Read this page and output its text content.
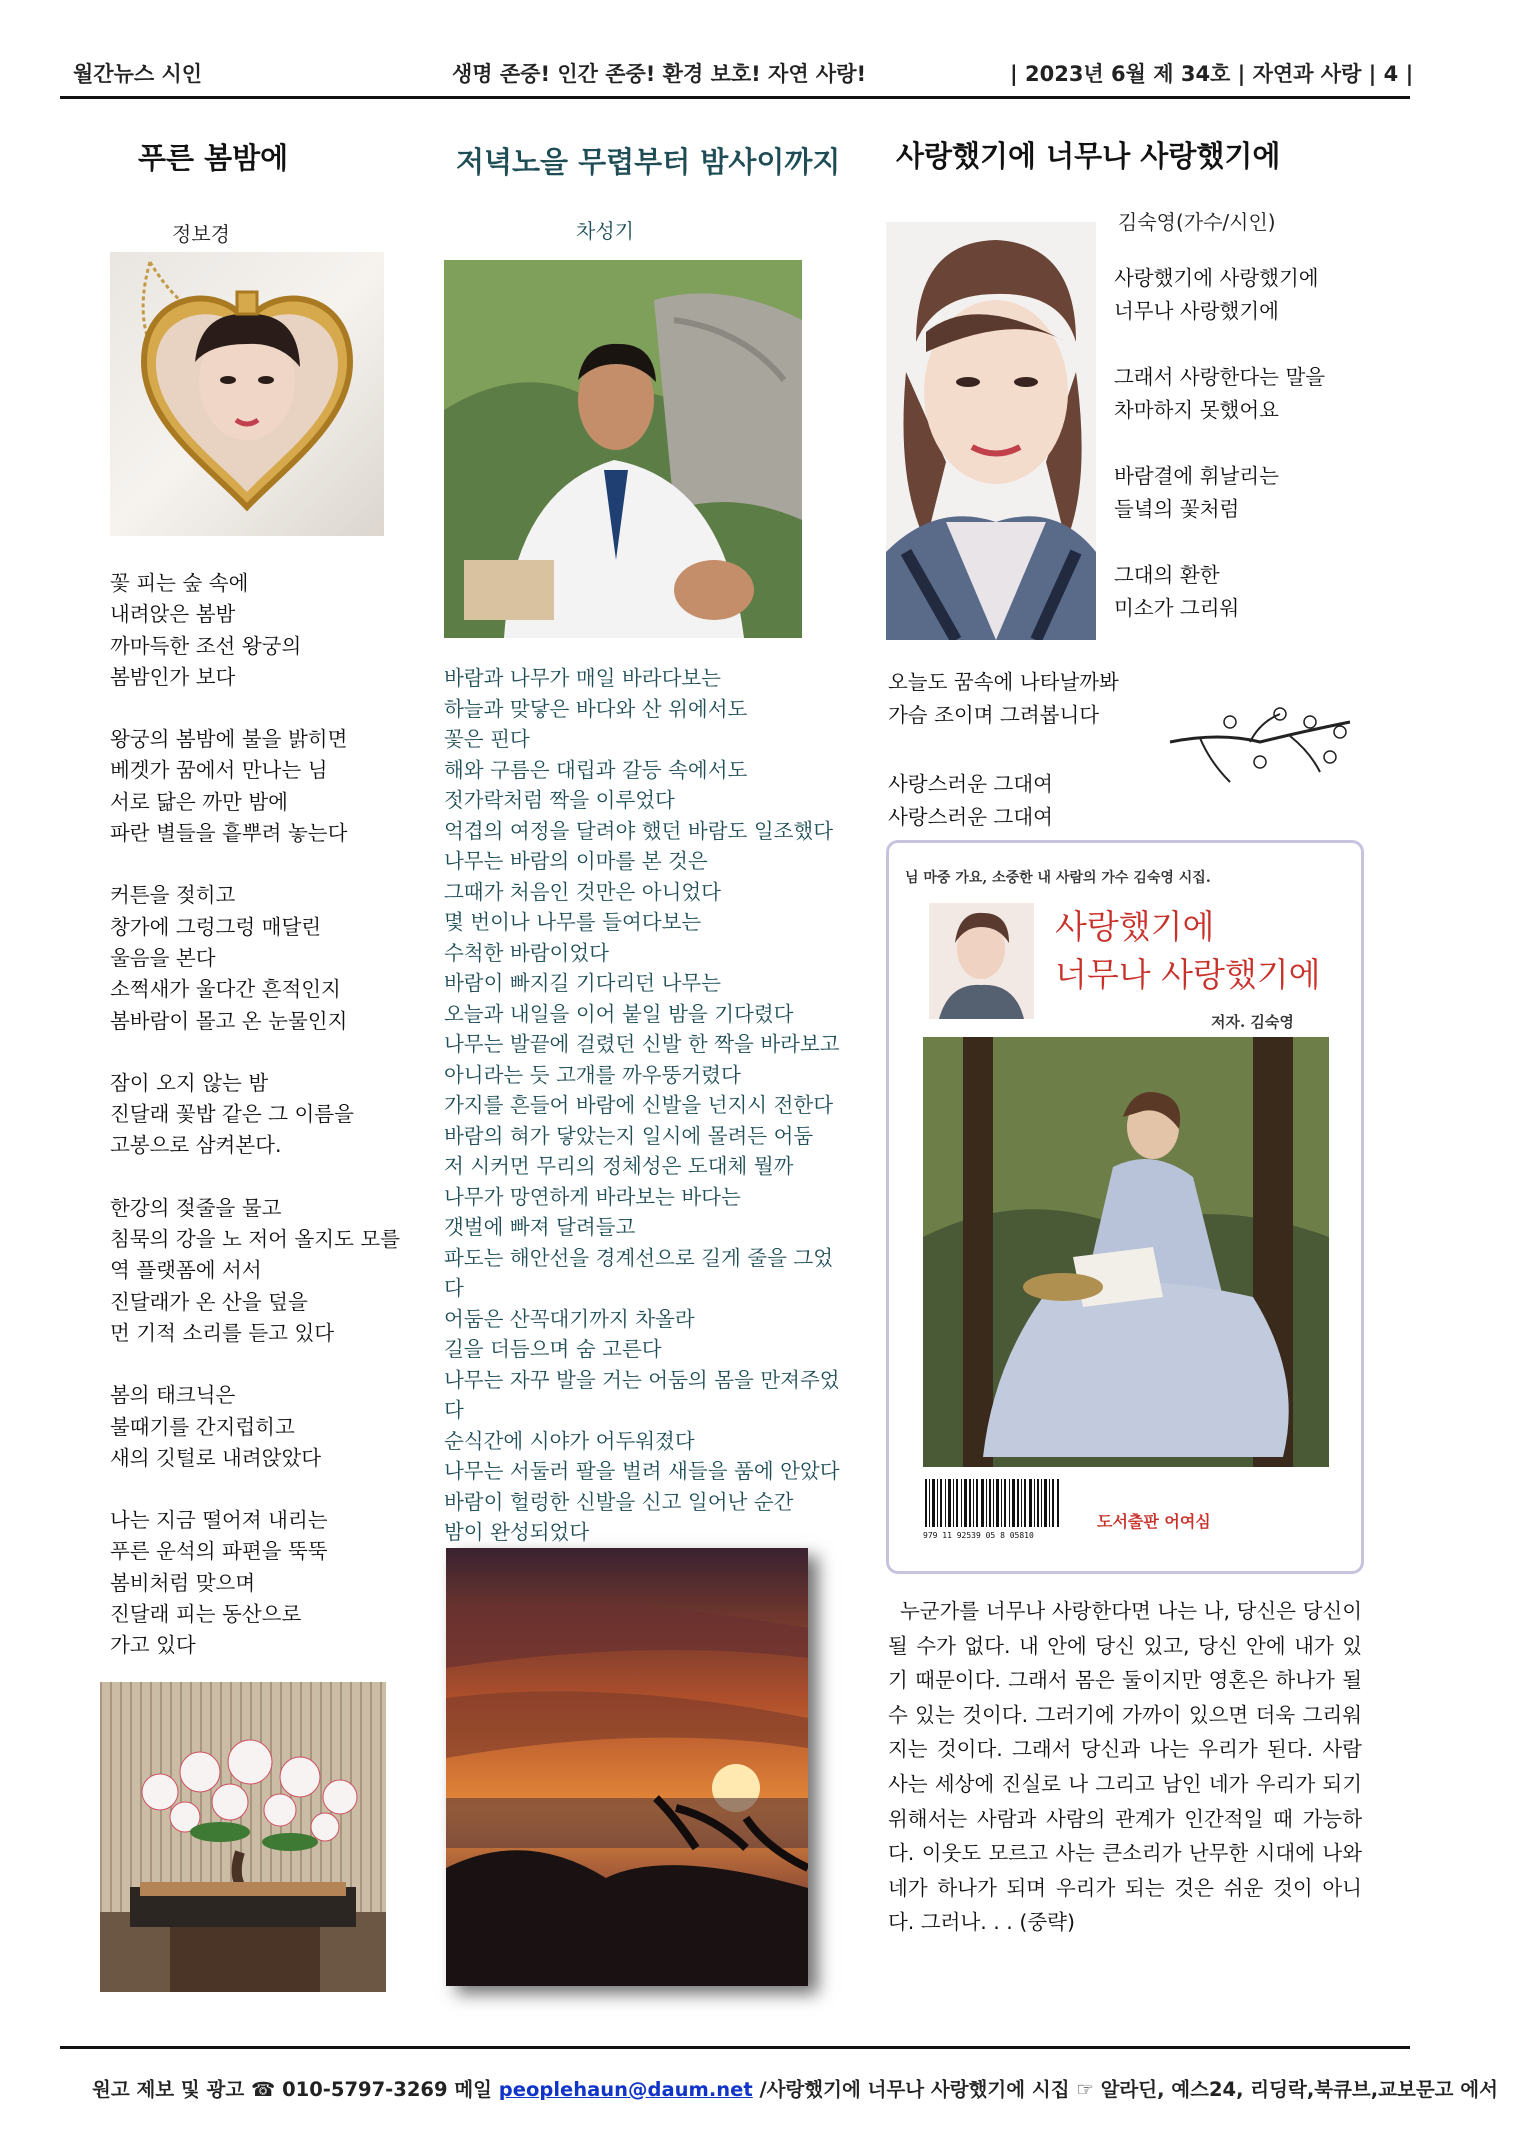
월간뉴스 시인	생명 존중! 인간 존중! 환경 보호! 자연 사랑!	| 2023년 6월 제 34호 | 자연과 사랑 | 4 |
푸른 봄밤에
정보경
꽃 피는 숲 속에
내려앉은 봄밤
까마득한 조선 왕궁의
봄밤인가 보다
왕궁의 봄밤에 불을 밝히면
베겟가 꿈에서 만나는 님
서로 닮은 까만 밤에
파란 별들을 흩뿌려 놓는다
커튼을 젖히고
창가에 그렁그렁 매달린
울음을 본다
소쩍새가 울다간 흔적인지
봄바람이 몰고 온 눈물인지
잠이 오지 않는 밤
진달래 꽃밥 같은 그 이름을
고봉으로 삼켜본다.
한강의 젖줄을 물고
침묵의 강을 노 저어 올지도 모를
역 플랫폼에 서서
진달래가 온 산을 덮을
먼 기적 소리를 듣고 있다
봄의 태크닉은
불때기를 간지럽히고
새의 깃털로 내려앉았다
나는 지금 떨어져 내리는
푸른 운석의 파편을 뚝뚝
봄비처럼 맞으며
진달래 피는 동산으로
가고 있다
저녁노을 무렵부터 밤사이까지
차성기
바람과 나무가 매일 바라다보는
하늘과 맞닿은 바다와 산 위에서도
꽃은 핀다
해와 구름은 대립과 갈등 속에서도
젓가락처럼 짝을 이루었다
억겹의 여정을 달려야 했던 바람도 일조했다
나무는 바람의 이마를 본 것은
그때가 처음인 것만은 아니었다
몇 번이나 나무를 들여다보는
수척한 바람이었다
바람이 빠지길 기다리던 나무는
오늘과 내일을 이어 붙일 밤을 기다렸다
나무는 발끝에 걸렸던 신발 한 짝을 바라보고
아니라는 듯 고개를 까우뚱거렸다
가지를 흔들어 바람에 신발을 넌지시 전한다
바람의 혀가 닿았는지 일시에 몰려든 어둠
저 시커먼 무리의 정체성은 도대체 뭘까
나무가 망연하게 바라보는 바다는
갯벌에 빠져 달려들고
파도는 해안선을 경계선으로 길게 줄을 그었
다
어둠은 산꼭대기까지 차올라
길을 더듬으며 숨 고른다
나무는 자꾸 발을 거는 어둠의 몸을 만져주었
다
순식간에 시야가 어두워졌다
나무는 서둘러 팔을 벌려 새들을 품에 안았다
바람이 헐렁한 신발을 신고 일어난 순간
밤이 완성되었다
사랑했기에 너무나 사랑했기에
김숙영(가수/시인)
사랑했기에 사랑했기에
너무나 사랑했기에
그래서 사랑한다는 말을
차마하지 못했어요
바람결에 휘날리는
들녘의 꽃처럼
그대의 환한
미소가 그리워
오늘도 꿈속에 나타날까봐
가슴 조이며 그려봅니다
사랑스러운 그대여
사랑스러운 그대여
님 마중 가요, 소중한 내 사람의 가수 김숙영 시집.
사랑했기에
너무나 사랑했기에
저자. 김숙영
979 11 92539 05 8 05810
도서출판 어여심
누군가를 너무나 사랑한다면 나는 나, 당신은 당신이 될 수가 없다. 내 안에 당신 있고, 당신 안에 내가 있기 때문이다. 그래서 몸은 둘이지만 영혼은 하나가 될 수 있는 것이다. 그러기에 가까이 있으면 더욱 그리워지는 것이다. 그래서 당신과 나는 우리가 된다. 사람 사는 세상에 진실로 나 그리고 남인 네가 우리가 되기 위해서는 사람과 사람의 관계가 인간적일 때 가능하다. 이웃도 모르고 사는 큰소리가 난무한 시대에 나와 네가 하나가 되며 우리가 되는 것은 쉬운 것이 아니다. 그러나. . . (중략)
원고 제보 및 광고 ☎ 010-5797-3269 메일 peoplehaun@daum.net /사랑했기에 너무나 사랑했기에 시집 ☞ 알라딘, 예스24, 리딩락,북큐브,교보문고 에서
